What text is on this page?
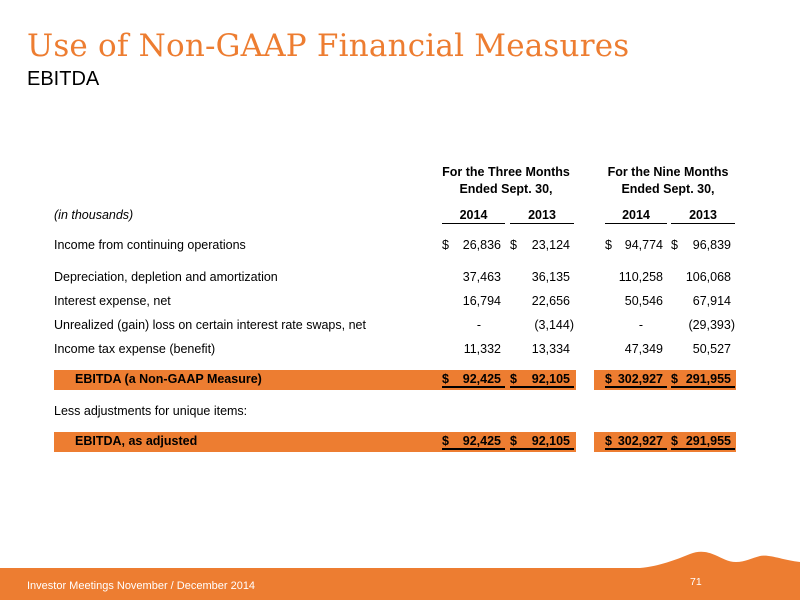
Use of Non-GAAP Financial Measures
EBITDA
For the Three Months
Ended Sept. 30,
For the Nine Months
Ended Sept. 30,
(in thousands)	2014	2013	2014	2013
Income from continuing operations	$ 26,836 $ 23,124	$ 94,774 $ 96,839
Depreciation, depletion and amortization	37,463 36,135	110,258 106,068
Interest expense, net	16,794 22,656	50,546 67,914
Unrealized (gain) loss on certain interest rate swaps, net	-	(3,144)	-	(29,393)
Income tax expense (benefit)	11,332 13,334	47,349 50,527
EBITDA (a Non-GAAP Measure)	$ 92,425 $ 92,105	$ 302,927 $ 291,955
Less adjustments for unique items:
EBITDA, as adjusted	$ 92,425 $ 92,105	$ 302,927 $ 291,955
Investor Meetings November / December 2014	71
